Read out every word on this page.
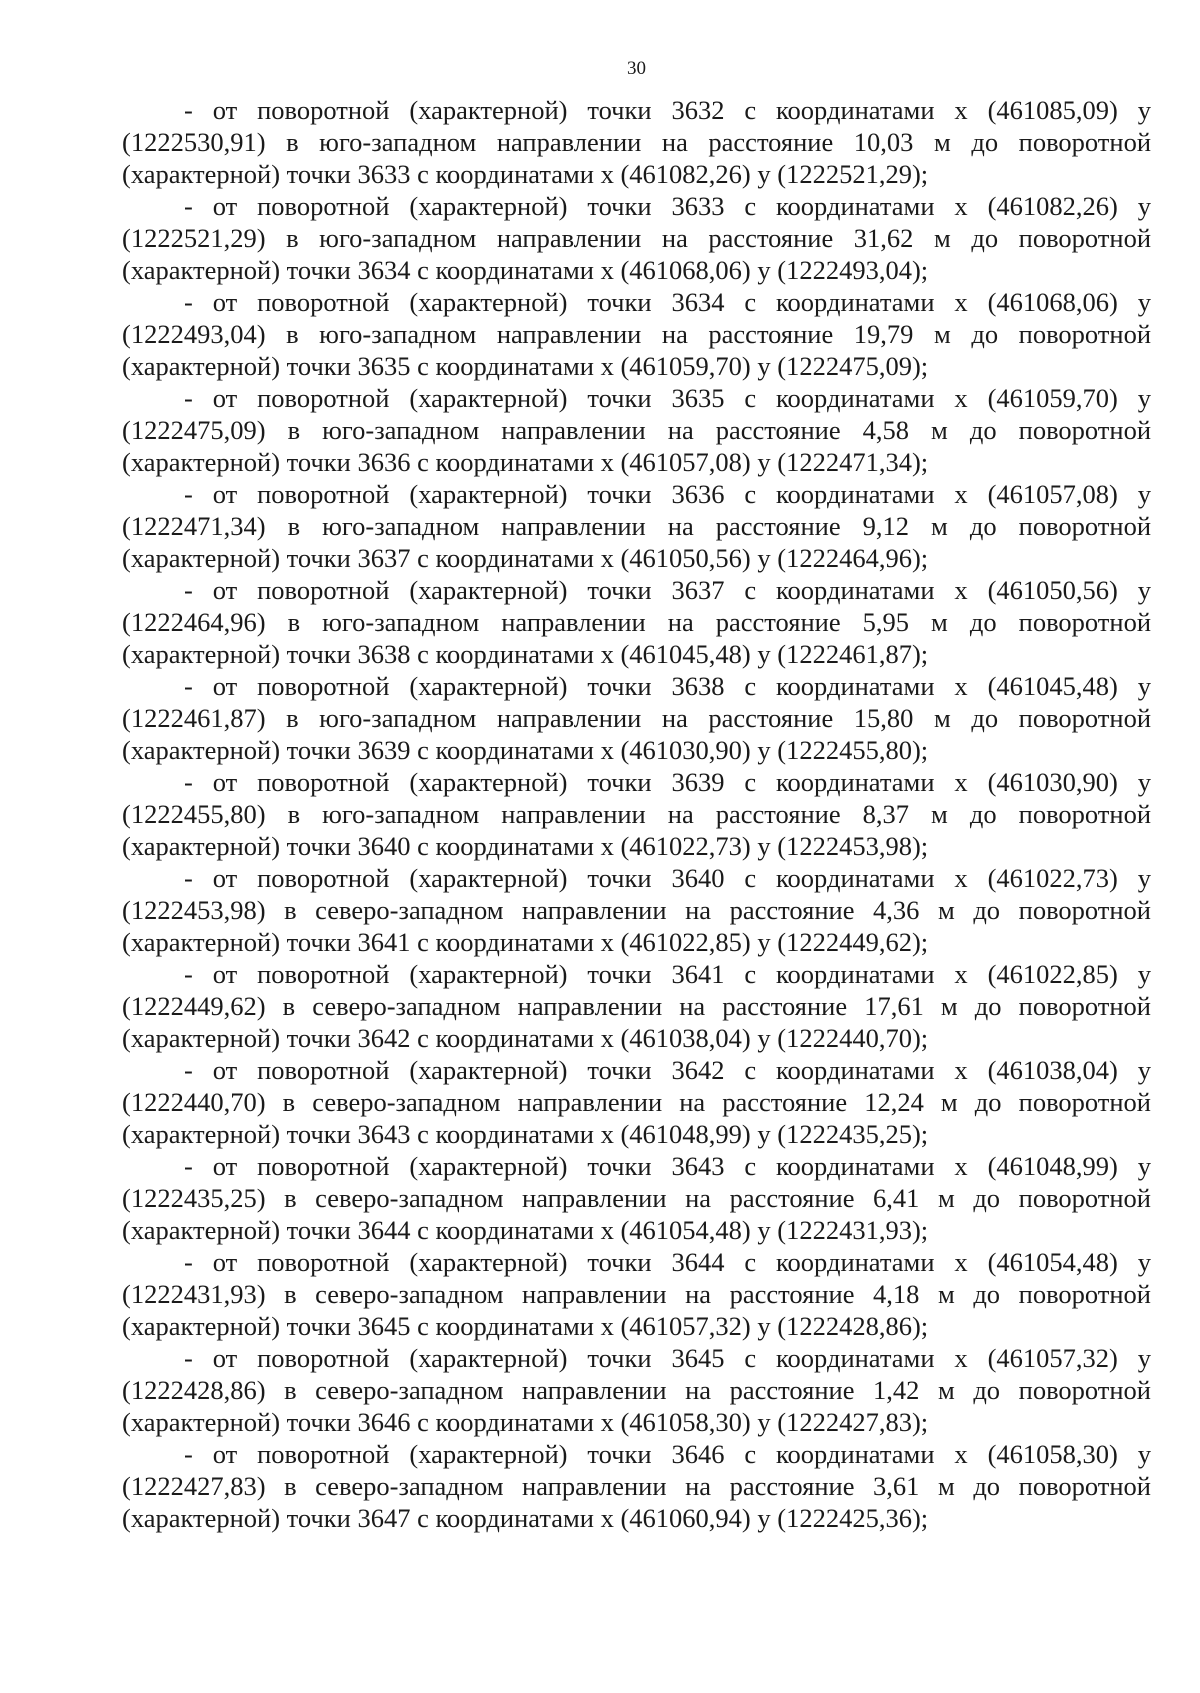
30

- от поворотной (характерной) точки 3632 с координатами х (461085,09) у (1222530,91) в юго-западном направлении на расстояние 10,03 м до поворотной (характерной) точки 3633 с координатами х (461082,26) у (1222521,29);

- от поворотной (характерной) точки 3633 с координатами х (461082,26) у (1222521,29) в юго-западном направлении на расстояние 31,62 м до поворотной (характерной) точки 3634 с координатами х (461068,06) у (1222493,04);

- от поворотной (характерной) точки 3634 с координатами х (461068,06) у (1222493,04) в юго-западном направлении на расстояние 19,79 м до поворотной (характерной) точки 3635 с координатами х (461059,70) у (1222475,09);

- от поворотной (характерной) точки 3635 с координатами х (461059,70) у (1222475,09) в юго-западном направлении на расстояние 4,58 м до поворотной (характерной) точки 3636 с координатами х (461057,08) у (1222471,34);

- от поворотной (характерной) точки 3636 с координатами х (461057,08) у (1222471,34) в юго-западном направлении на расстояние 9,12 м до поворотной (характерной) точки 3637 с координатами х (461050,56) у (1222464,96);

- от поворотной (характерной) точки 3637 с координатами х (461050,56) у (1222464,96) в юго-западном направлении на расстояние 5,95 м до поворотной (характерной) точки 3638 с координатами х (461045,48) у (1222461,87);

- от поворотной (характерной) точки 3638 с координатами х (461045,48) у (1222461,87) в юго-западном направлении на расстояние 15,80 м до поворотной (характерной) точки 3639 с координатами х (461030,90) у (1222455,80);

- от поворотной (характерной) точки 3639 с координатами х (461030,90) у (1222455,80) в юго-западном направлении на расстояние 8,37 м до поворотной (характерной) точки 3640 с координатами х (461022,73) у (1222453,98);

- от поворотной (характерной) точки 3640 с координатами х (461022,73) у (1222453,98) в северо-западном направлении на расстояние 4,36 м до поворотной (характерной) точки 3641 с координатами х (461022,85) у (1222449,62);

- от поворотной (характерной) точки 3641 с координатами х (461022,85) у (1222449,62) в северо-западном направлении на расстояние 17,61 м до поворотной (характерной) точки 3642 с координатами х (461038,04) у (1222440,70);

- от поворотной (характерной) точки 3642 с координатами х (461038,04) у (1222440,70) в северо-западном направлении на расстояние 12,24 м до поворотной (характерной) точки 3643 с координатами х (461048,99) у (1222435,25);

- от поворотной (характерной) точки 3643 с координатами х (461048,99) у (1222435,25) в северо-западном направлении на расстояние 6,41 м до поворотной (характерной) точки 3644 с координатами х (461054,48) у (1222431,93);

- от поворотной (характерной) точки 3644 с координатами х (461054,48) у (1222431,93) в северо-западном направлении на расстояние 4,18 м до поворотной (характерной) точки 3645 с координатами х (461057,32) у (1222428,86);

- от поворотной (характерной) точки 3645 с координатами х (461057,32) у (1222428,86) в северо-западном направлении на расстояние 1,42 м до поворотной (характерной) точки 3646 с координатами х (461058,30) у (1222427,83);

- от поворотной (характерной) точки 3646 с координатами х (461058,30) у (1222427,83) в северо-западном направлении на расстояние 3,61 м до поворотной (характерной) точки 3647 с координатами х (461060,94) у (1222425,36);
